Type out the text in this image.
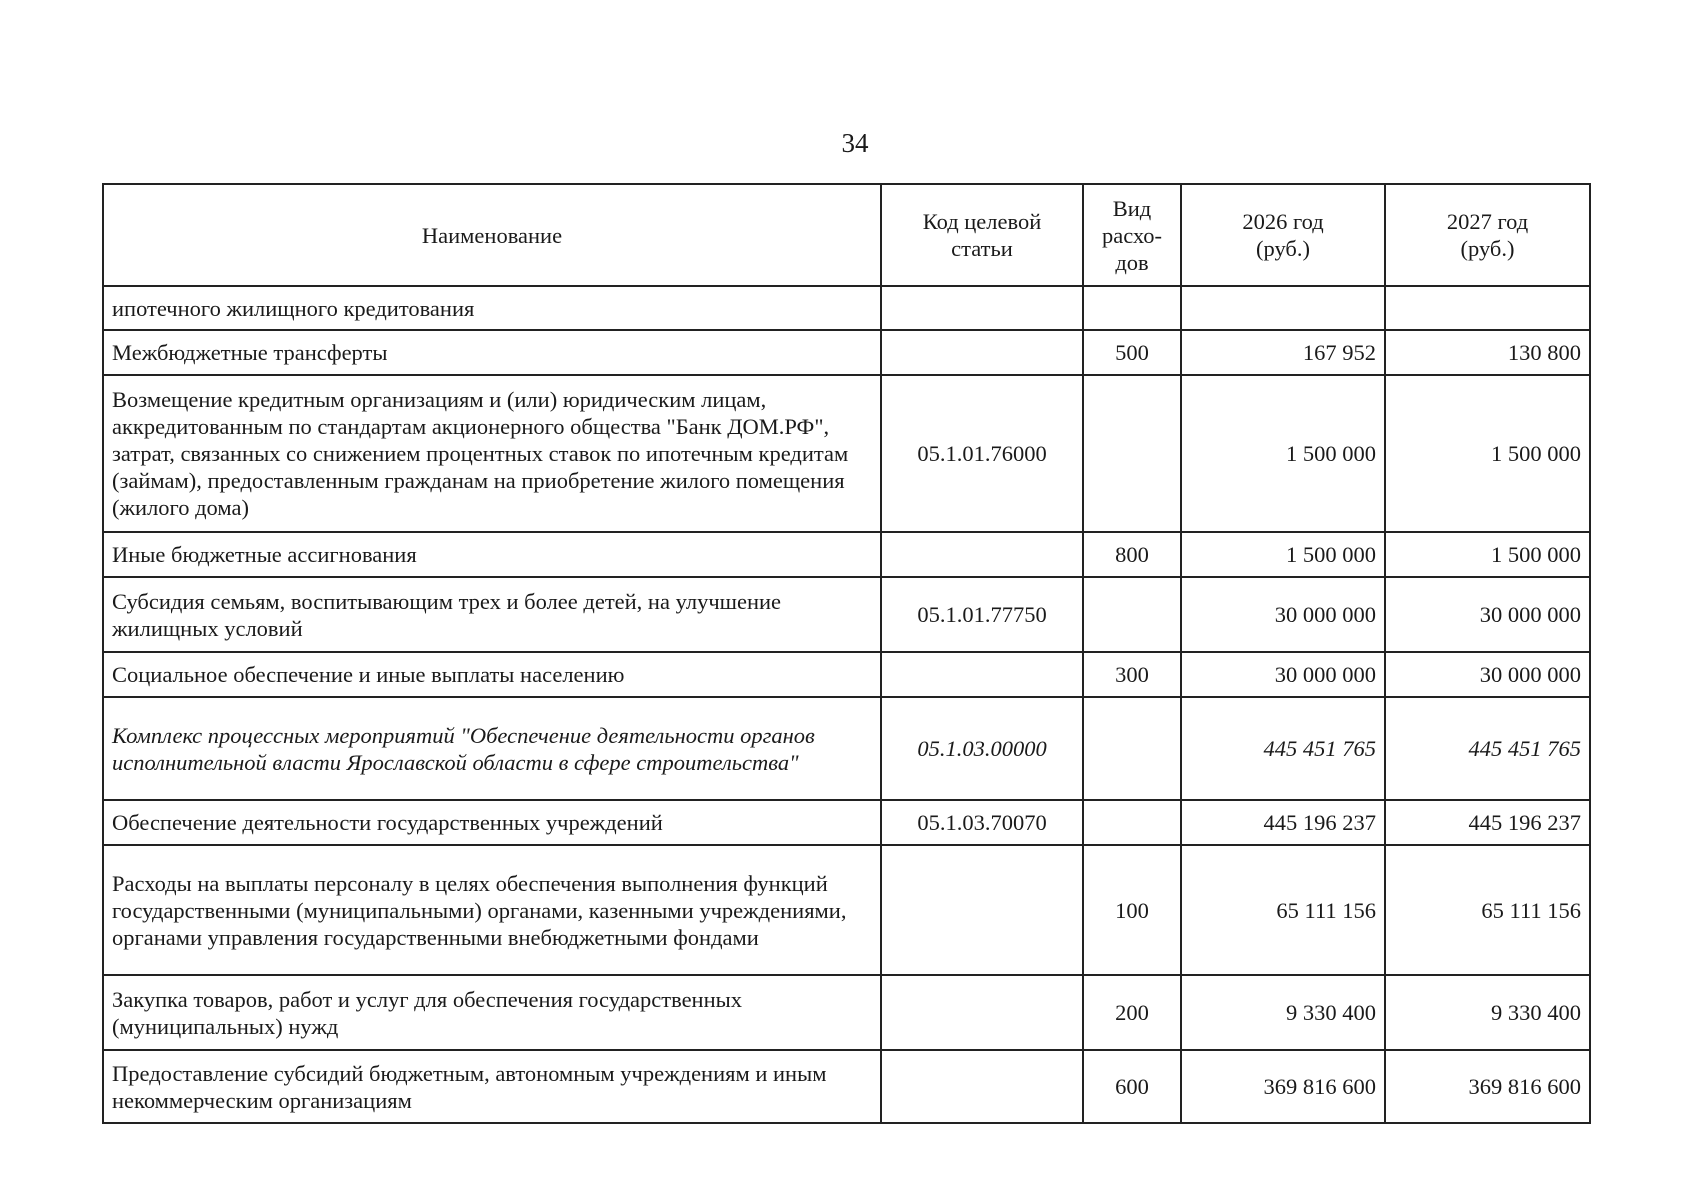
34
Наименование	Код целевой статьи	Вид расхо- дов	2026 год (руб.)	2027 год (руб.)
ипотечного жилищного кредитования				
Межбюджетные трансферты		500	167 952	130 800
Возмещение кредитным организациям и (или) юридическим лицам, аккредитованным по стандартам акционерного общества "Банк ДОМ.РФ", затрат, связанных со снижением процентных ставок по ипотечным кредитам (займам), предоставленным гражданам на приобретение жилого помещения (жилого дома)	05.1.01.76000		1 500 000	1 500 000
Иные бюджетные ассигнования		800	1 500 000	1 500 000
Субсидия семьям, воспитывающим трех и более детей, на улучшение жилищных условий	05.1.01.77750		30 000 000	30 000 000
Социальное обеспечение и иные выплаты населению		300	30 000 000	30 000 000
Комплекс процессных мероприятий "Обеспечение деятельности органов исполнительной власти Ярославской области в сфере строительства"	05.1.03.00000		445 451 765	445 451 765
Обеспечение деятельности государственных учреждений	05.1.03.70070		445 196 237	445 196 237
Расходы на выплаты персоналу в целях обеспечения выполнения функций государственными (муниципальными) органами, казенными учреждениями, органами управления государственными внебюджетными фондами		100	65 111 156	65 111 156
Закупка товаров, работ и услуг для обеспечения государственных (муниципальных) нужд		200	9 330 400	9 330 400
Предоставление субсидий бюджетным, автономным учреждениям и иным некоммерческим организациям		600	369 816 600	369 816 600
